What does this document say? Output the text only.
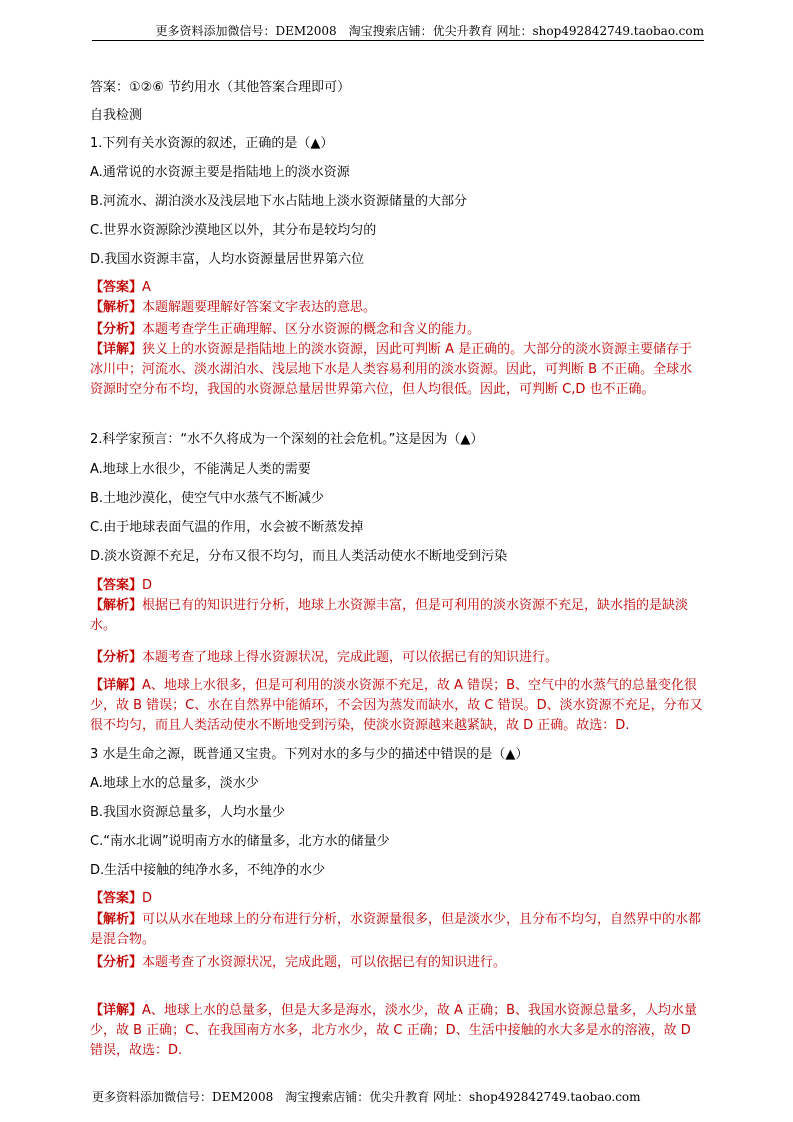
更多资料添加微信号：DEM2008　淘宝搜索店铺：优尖升教育 网址：shop492842749.taobao.com
答案：①②⑥ 节约用水（其他答案合理即可）
自我检测
1.下列有关水资源的叙述，正确的是（▲）
A.通常说的水资源主要是指陆地上的淡水资源
B.河流水、湖泊淡水及浅层地下水占陆地上淡水资源储量的大部分
C.世界水资源除沙漠地区以外，其分布是较均匀的
D.我国水资源丰富，人均水资源量居世界第六位
【答案】A
【解析】本题解题要理解好答案文字表达的意思。
【分析】本题考查学生正确理解、区分水资源的概念和含义的能力。
【详解】狭义上的水资源是指陆地上的淡水资源，因此可判断 A 是正确的。大部分的淡水资源主要储存于冰川中；河流水、淡水湖泊水、浅层地下水是人类容易利用的淡水资源。因此，可判断 B 不正确。全球水资源时空分布不均，我国的水资源总量居世界第六位，但人均很低。因此，可判断 C,D 也不正确。
2.科学家预言：“水不久将成为一个深刻的社会危机。”这是因为（▲）
A.地球上水很少，不能满足人类的需要
B.土地沙漠化，使空气中水蒸气不断减少
C.由于地球表面气温的作用，水会被不断蒸发掉
D.淡水资源不充足，分布又很不均匀，而且人类活动使水不断地受到污染
【答案】D
【解析】根据已有的知识进行分析，地球上水资源丰富，但是可利用的淡水资源不充足，缺水指的是缺淡水。
【分析】本题考查了地球上得水资源状况，完成此题，可以依据已有的知识进行。
【详解】A、地球上水很多，但是可利用的淡水资源不充足，故 A 错误；B、空气中的水蒸气的总量变化很少，故 B 错误；C、水在自然界中能循环，不会因为蒸发而缺水，故 C 错误。D、淡水资源不充足，分布又很不均匀，而且人类活动使水不断地受到污染，使淡水资源越来越紧缺，故 D 正确。故选：D.
3 水是生命之源，既普通又宝贵。下列对水的多与少的描述中错误的是（▲）
A.地球上水的总量多，淡水少
B.我国水资源总量多，人均水量少
C.“南水北调”说明南方水的储量多，北方水的储量少
D.生活中接触的纯净水多，不纯净的水少
【答案】D
【解析】可以从水在地球上的分布进行分析，水资源量很多，但是淡水少，且分布不均匀，自然界中的水都是混合物。
【分析】本题考查了水资源状况，完成此题，可以依据已有的知识进行。
【详解】A、地球上水的总量多，但是大多是海水，淡水少，故 A 正确；B、我国水资源总量多，人均水量少，故 B 正确；C、在我国南方水多，北方水少，故 C 正确；D、生活中接触的水大多是水的溶液，故 D 错误，故选：D.
更多资料添加微信号：DEM2008　淘宝搜索店铺：优尖升教育 网址：shop492842749.taobao.com
